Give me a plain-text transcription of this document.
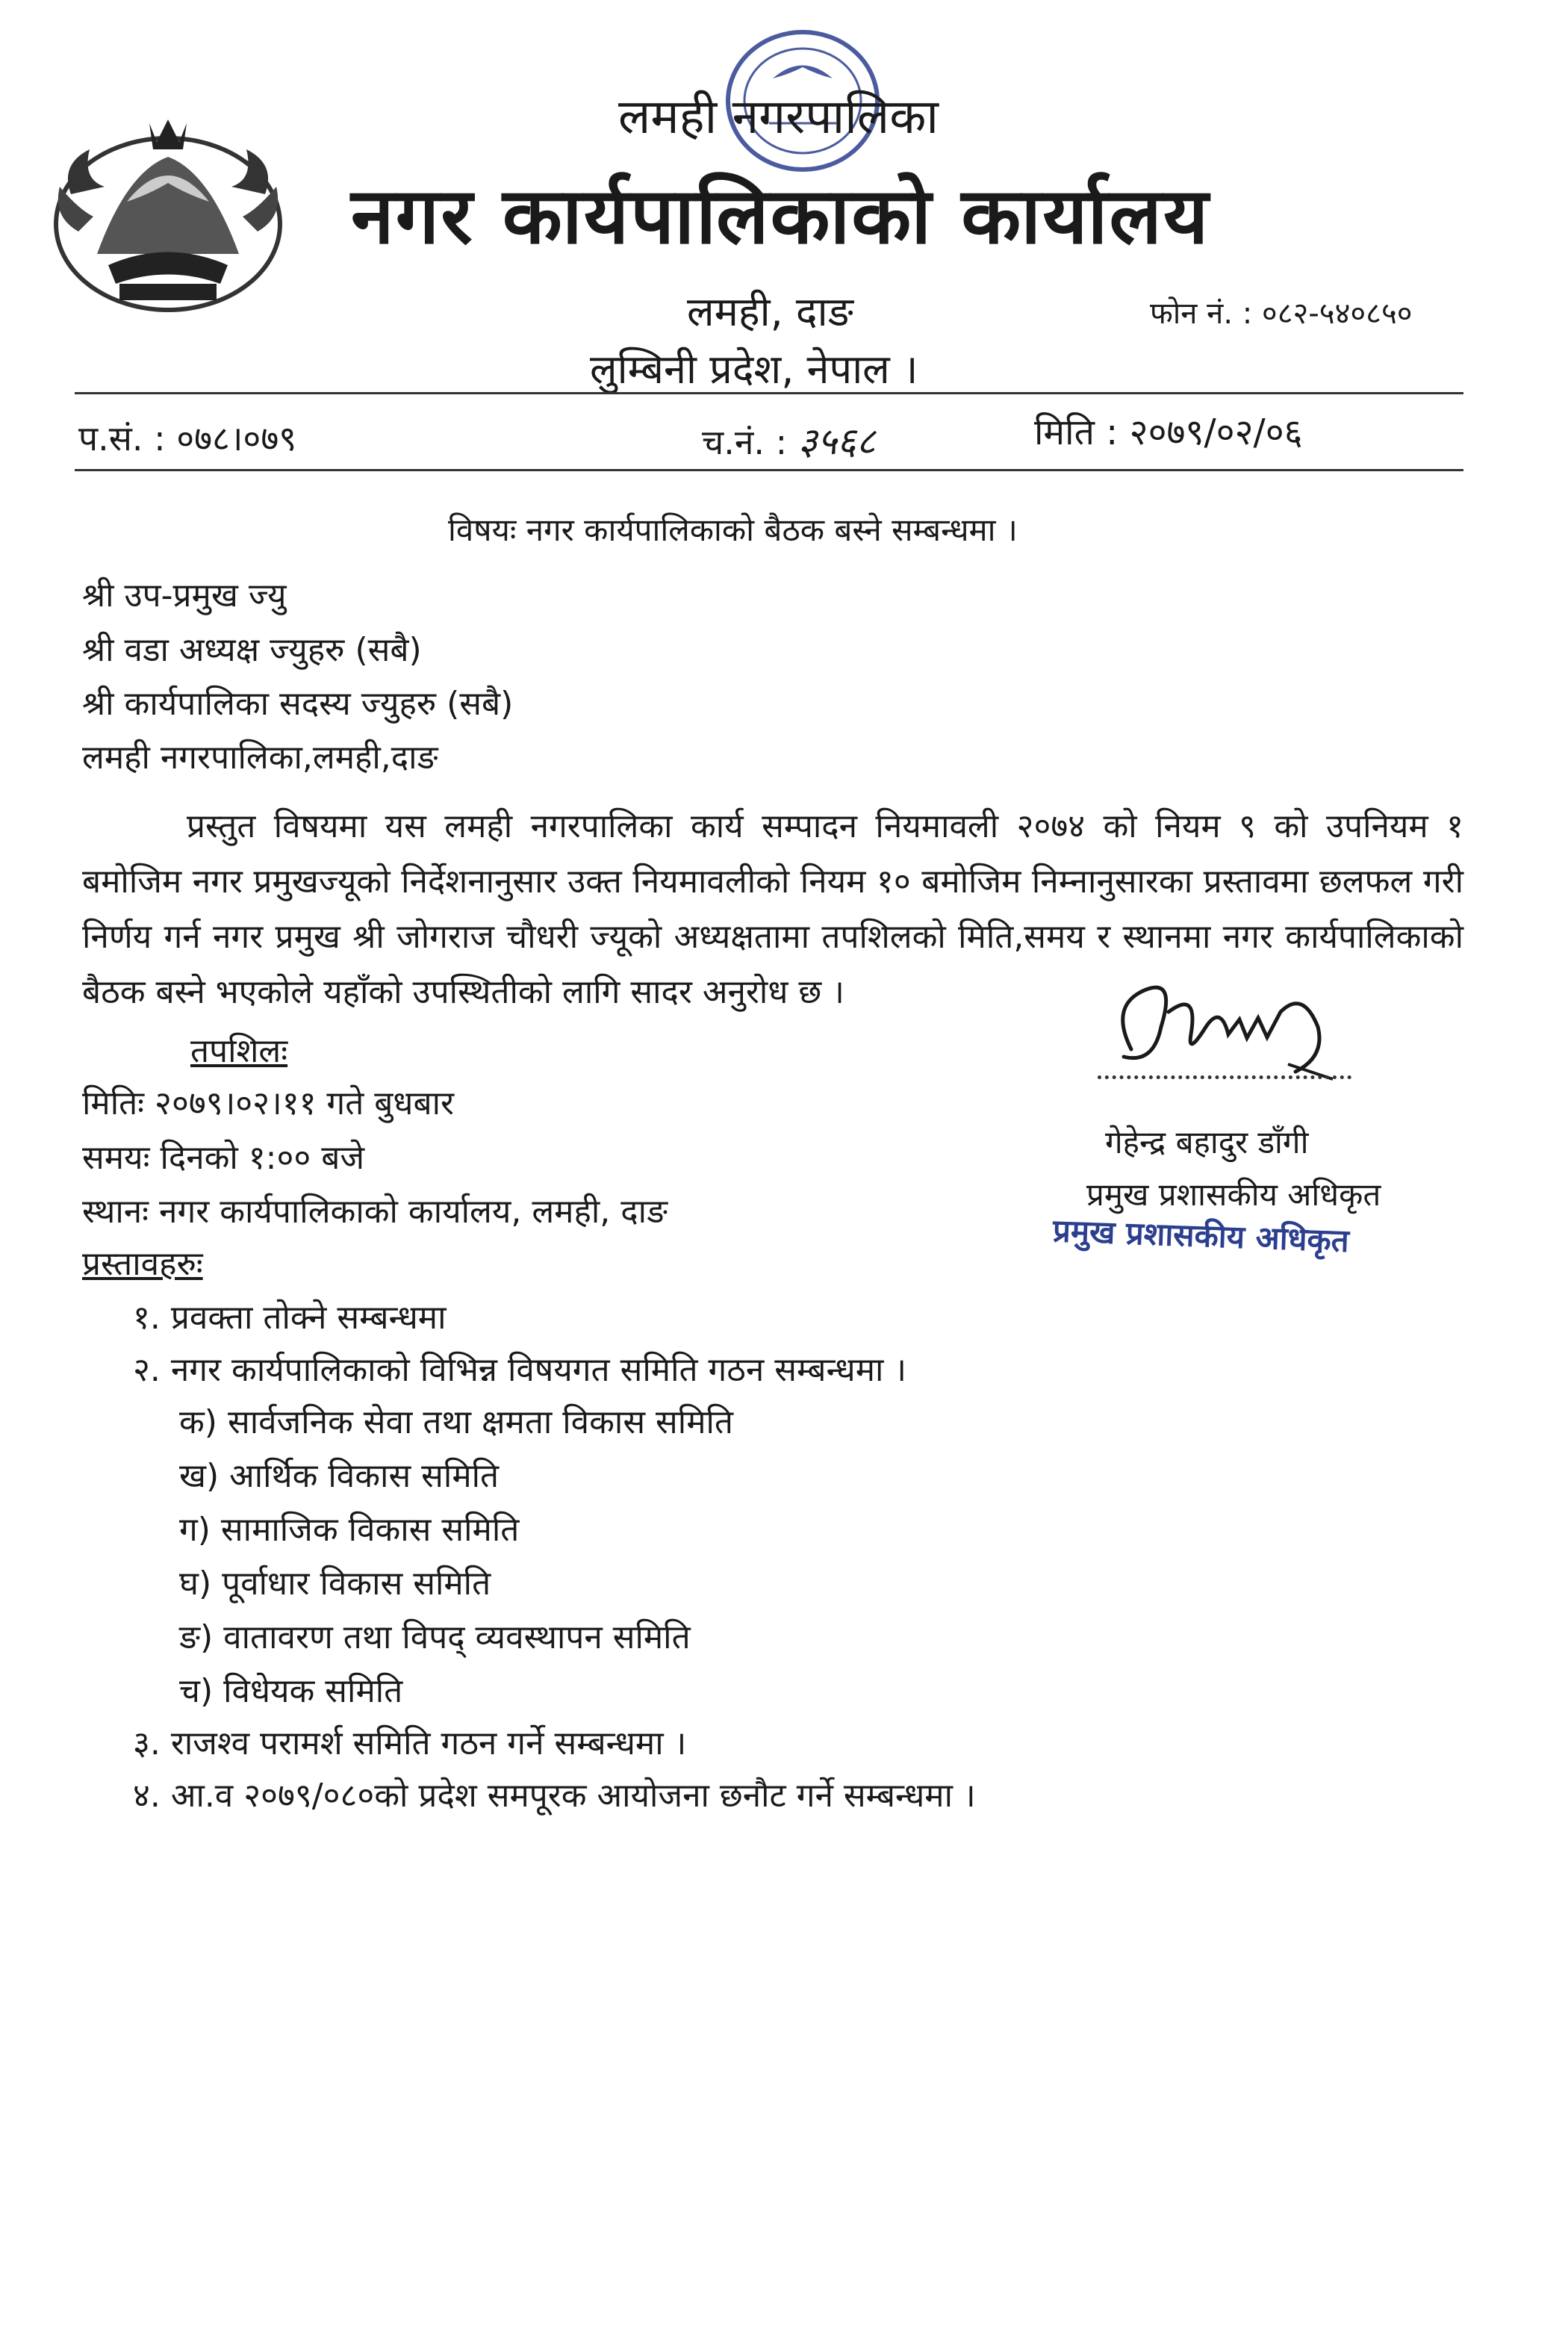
लमही नगरपालिका
नगर कार्यपालिकाको कार्यालय
लमही, दाङ
लुम्बिनी प्रदेश, नेपाल ।
फोन नं. : ०८२-५४०८५०
प.सं. : ०७८।०७९	च.नं. : ३५६८	मिति : २०७९/०२/०६
विषयः नगर कार्यपालिकाको बैठक बस्ने सम्बन्धमा ।
श्री उप-प्रमुख ज्यु
श्री वडा अध्यक्ष ज्युहरु (सबै)
श्री कार्यपालिका सदस्य ज्युहरु (सबै)
लमही नगरपालिका,लमही,दाङ
प्रस्तुत विषयमा यस लमही नगरपालिका कार्य सम्पादन नियमावली २०७४ को नियम ९ को उपनियम १ बमोजिम नगर प्रमुखज्यूको निर्देशनानुसार उक्त नियमावलीको नियम १० बमोजिम निम्नानुसारका प्रस्तावमा छलफल गरी निर्णय गर्न नगर प्रमुख श्री जोगराज चौधरी ज्यूको अध्यक्षतामा तपशिलको मिति,समय र स्थानमा नगर कार्यपालिकाको बैठक बस्ने भएकोले यहाँको उपस्थितीको लागि सादर अनुरोध छ ।
गेहेन्द्र बहादुर डाँगी
प्रमुख प्रशासकीय अधिकृत
प्रमुख प्रशासकीय अधिकृत
तपशिलः
मितिः २०७९।०२।११ गते बुधबार
समयः दिनको १:०० बजे
स्थानः नगर कार्यपालिकाको कार्यालय, लमही, दाङ
प्रस्तावहरुः
१. प्रवक्ता तोक्ने सम्बन्धमा
२. नगर कार्यपालिकाको विभिन्न विषयगत समिति गठन सम्बन्धमा ।
क) सार्वजनिक सेवा तथा क्षमता विकास समिति
ख) आर्थिक विकास समिति
ग) सामाजिक विकास समिति
घ) पूर्वाधार विकास समिति
ङ) वातावरण तथा विपद् व्यवस्थापन समिति
च) विधेयक समिति
३. राजश्व परामर्श समिति गठन गर्ने सम्बन्धमा ।
४. आ.व २०७९/०८०को प्रदेश समपूरक आयोजना छनौट गर्ने सम्बन्धमा ।
